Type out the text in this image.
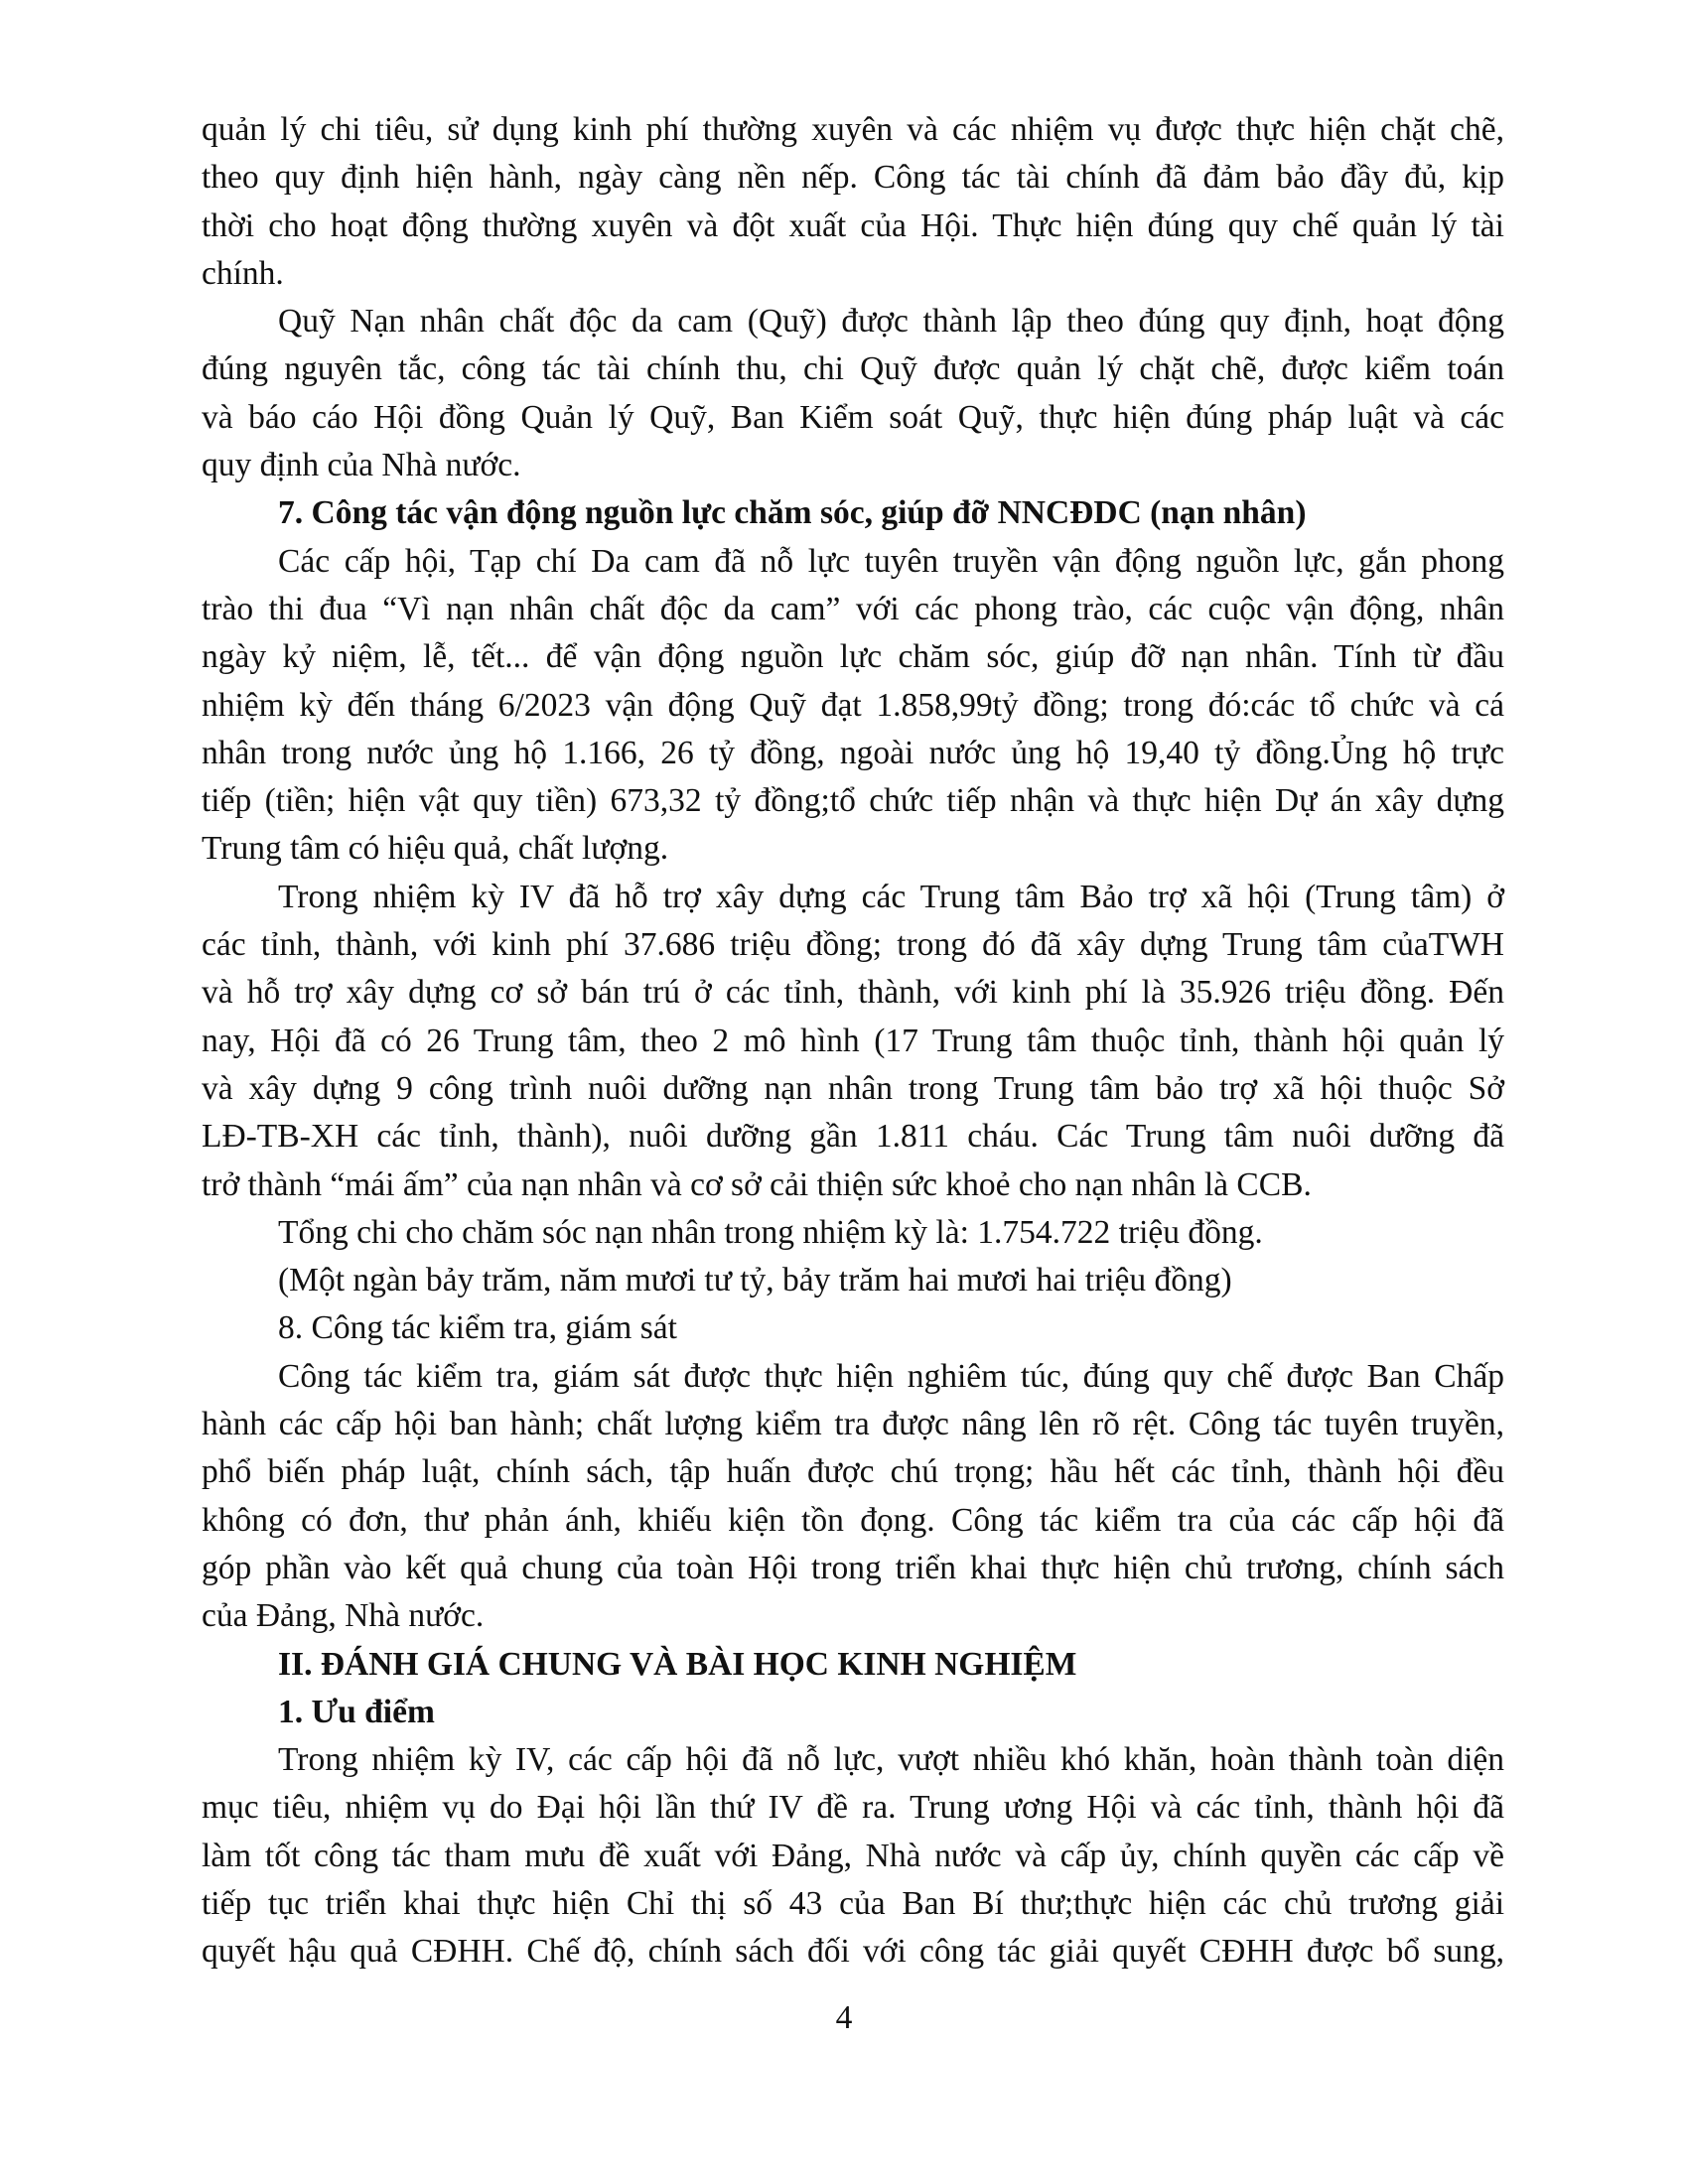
quản lý chi tiêu, sử dụng kinh phí thường xuyên và các nhiệm vụ được thực hiện chặt chẽ,
theo quy định hiện hành, ngày càng nền nếp. Công tác tài chính đã đảm bảo đầy đủ, kịp
thời cho hoạt động thường xuyên và đột xuất của Hội. Thực hiện đúng quy chế quản lý tài
chính.
Quỹ Nạn nhân chất độc da cam (Quỹ) được thành lập theo đúng quy định, hoạt động
đúng nguyên tắc, công tác tài chính thu, chi Quỹ được quản lý chặt chẽ, được kiểm toán
và báo cáo Hội đồng Quản lý Quỹ, Ban Kiểm soát Quỹ, thực hiện đúng pháp luật và các
quy định của Nhà nước.
7. Công tác vận động nguồn lực chăm sóc, giúp đỡ NNCĐDC (nạn nhân)
Các cấp hội, Tạp chí Da cam đã nỗ lực tuyên truyền vận động nguồn lực, gắn phong
trào thi đua “Vì nạn nhân chất độc da cam” với các phong trào, các cuộc vận động, nhân
ngày kỷ niệm, lễ, tết... để vận động nguồn lực chăm sóc, giúp đỡ nạn nhân. Tính từ đầu
nhiệm kỳ đến tháng 6/2023 vận động Quỹ đạt 1.858,99tỷ đồng; trong đó:các tổ chức và cá
nhân trong nước ủng hộ 1.166, 26 tỷ đồng, ngoài nước ủng hộ 19,40 tỷ đồng.Ủng hộ trực
tiếp (tiền; hiện vật quy tiền) 673,32 tỷ đồng;tổ chức tiếp nhận và thực hiện Dự án xây dựng
Trung tâm có hiệu quả, chất lượng.
Trong nhiệm kỳ IV đã hỗ trợ xây dựng các Trung tâm Bảo trợ xã hội (Trung tâm) ở
các tỉnh, thành, với kinh phí 37.686 triệu đồng; trong đó đã xây dựng Trung tâm củaTWH
và hỗ trợ xây dựng cơ sở bán trú ở các tỉnh, thành, với kinh phí là 35.926 triệu đồng. Đến
nay, Hội đã có 26 Trung tâm, theo 2 mô hình (17 Trung tâm thuộc tỉnh, thành hội quản lý
và xây dựng 9 công trình nuôi dưỡng nạn nhân trong Trung tâm bảo trợ xã hội thuộc Sở
LĐ-TB-XH các tỉnh, thành), nuôi dưỡng gần 1.811 cháu. Các Trung tâm nuôi dưỡng đã
trở thành “mái ấm” của nạn nhân và cơ sở cải thiện sức khoẻ cho nạn nhân là CCB.
Tổng chi cho chăm sóc nạn nhân trong nhiệm kỳ là: 1.754.722 triệu đồng.
(Một ngàn bảy trăm, năm mươi tư tỷ, bảy trăm hai mươi hai triệu đồng)
8. Công tác kiểm tra, giám sát
Công tác kiểm tra, giám sát được thực hiện nghiêm túc, đúng quy chế được Ban Chấp
hành các cấp hội ban hành; chất lượng kiểm tra được nâng lên rõ rệt. Công tác tuyên truyền,
phổ biến pháp luật, chính sách, tập huấn được chú trọng; hầu hết các tỉnh, thành hội đều
không có đơn, thư phản ánh, khiếu kiện tồn đọng. Công tác kiểm tra của các cấp hội đã
góp phần vào kết quả chung của toàn Hội trong triển khai thực hiện chủ trương, chính sách
của Đảng, Nhà nước.
II. ĐÁNH GIÁ CHUNG VÀ BÀI HỌC KINH NGHIỆM
1. Ưu điểm
Trong nhiệm kỳ IV, các cấp hội đã nỗ lực, vượt nhiều khó khăn, hoàn thành toàn diện
mục tiêu, nhiệm vụ do Đại hội lần thứ IV đề ra. Trung ương Hội và các tỉnh, thành hội đã
làm tốt công tác tham mưu đề xuất với Đảng, Nhà nước và cấp ủy, chính quyền các cấp về
tiếp tục triển khai thực hiện Chỉ thị số 43 của Ban Bí thư;thực hiện các chủ trương giải
quyết hậu quả CĐHH. Chế độ, chính sách đối với công tác giải quyết CĐHH được bổ sung,
4
